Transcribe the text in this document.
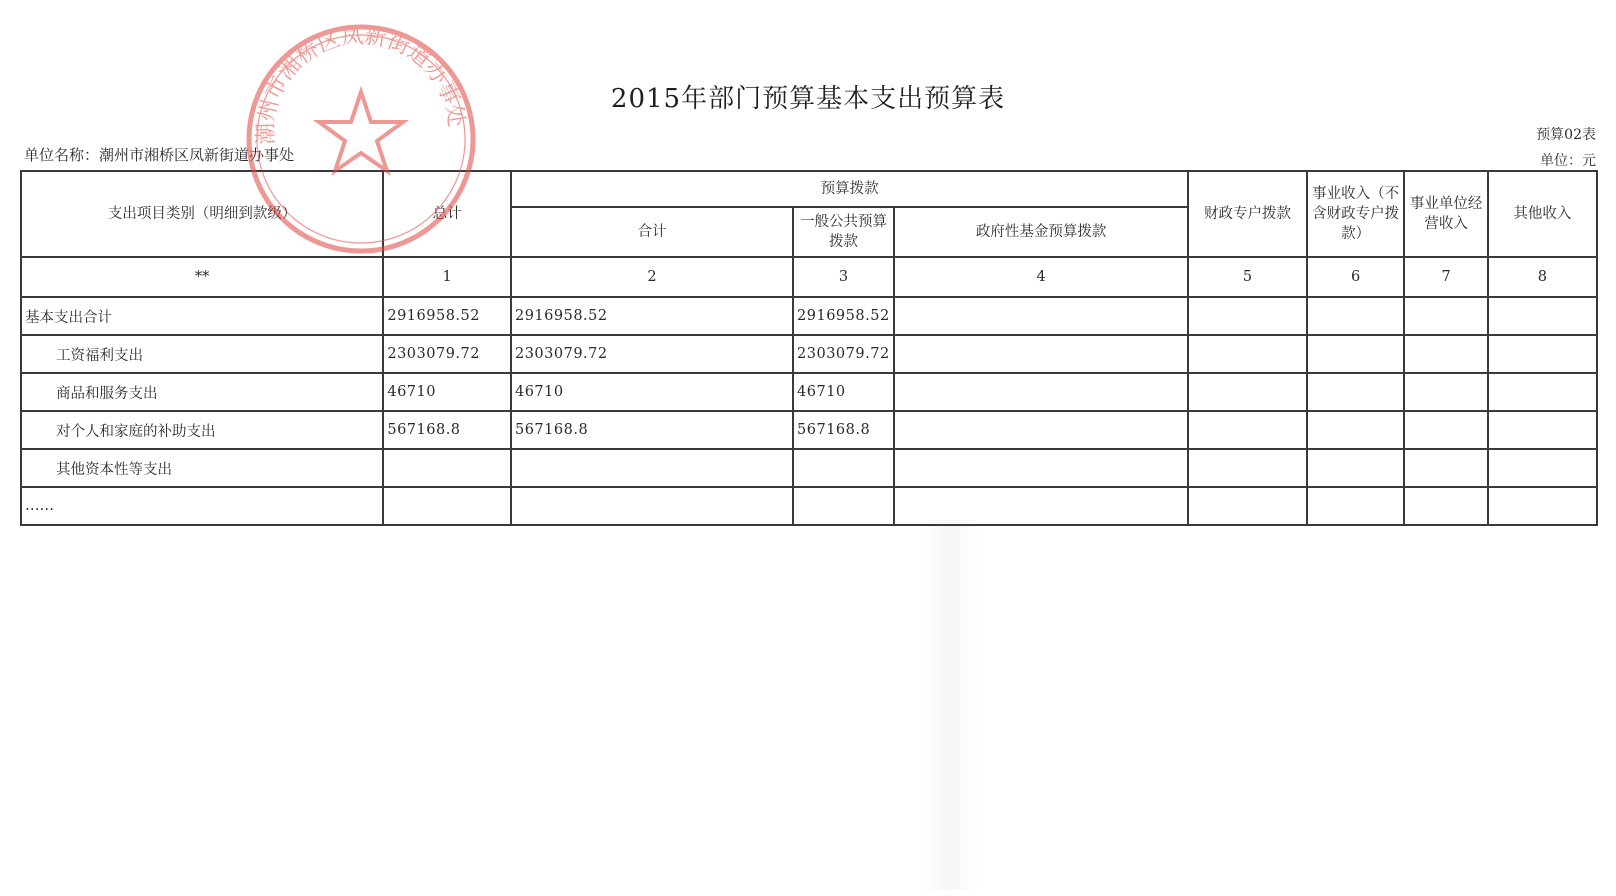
2015年部门预算基本支出预算表
单位名称：潮州市湘桥区凤新街道办事处
预算02表
单位：元
支出项目类别（明细到款级）	总计	预算拨款			财政专户拨款	事业收入（不含财政专户拨款）	事业单位经营收入	其他收入
		合计	一般公共预算拨款	政府性基金预算拨款				
**	1	2	3	4	5	6	7	8
基本支出合计	2916958.52	2916958.52	2916958.52					
工资福利支出	2303079.72	2303079.72	2303079.72					
商品和服务支出	46710	46710	46710					
对个人和家庭的补助支出	567168.8	567168.8	567168.8					
其他资本性等支出								
……								
潮州市湘桥区凤新街道办事处
